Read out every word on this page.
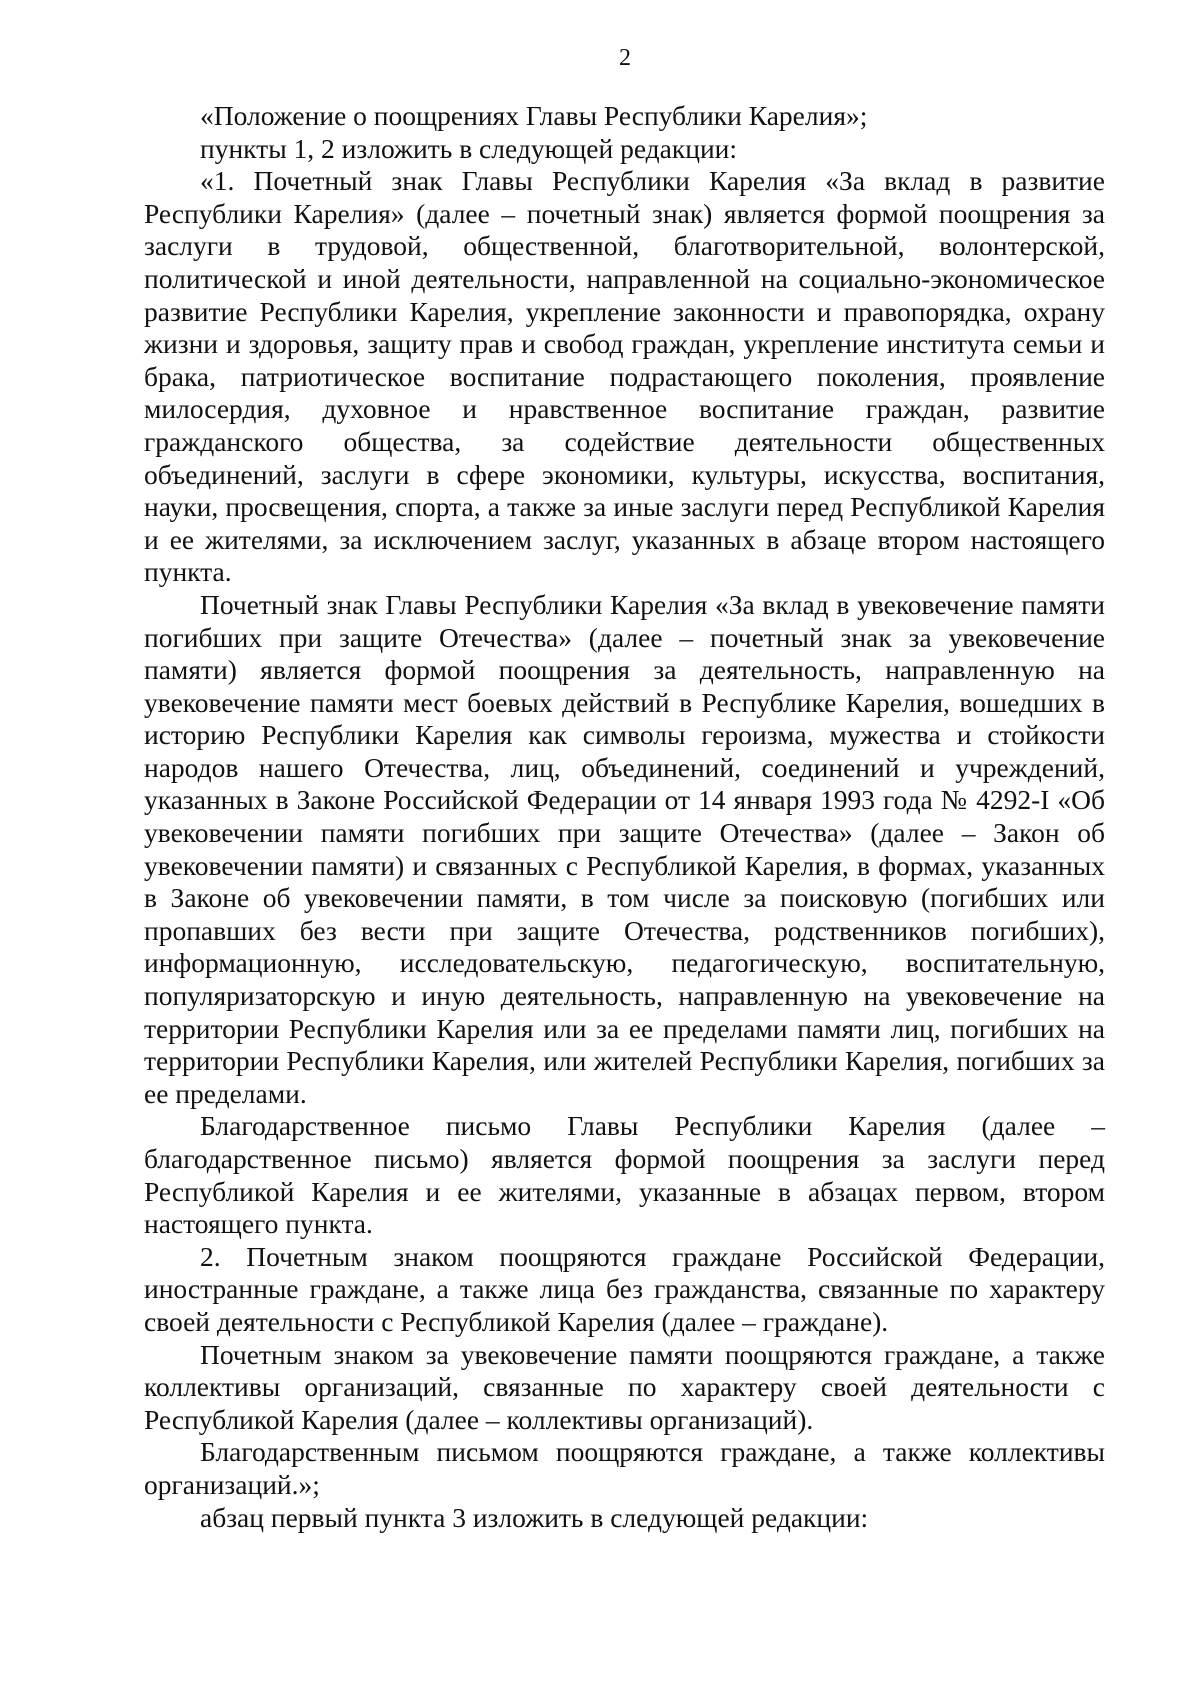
2

«Положение о поощрениях Главы Республики Карелия»;

пункты 1, 2 изложить в следующей редакции:

«1. Почетный знак Главы Республики Карелия «За вклад в развитие Республики Карелия» (далее – почетный знак) является формой поощрения за заслуги в трудовой, общественной, благотворительной, волонтерской, политической и иной деятельности, направленной на социально-экономическое развитие Республики Карелия, укрепление законности и правопорядка, охрану жизни и здоровья, защиту прав и свобод граждан, укрепление института семьи и брака, патриотическое воспитание подрастающего поколения, проявление милосердия, духовное и нравственное воспитание граждан, развитие гражданского общества, за содействие деятельности общественных объединений, заслуги в сфере экономики, культуры, искусства, воспитания, науки, просвещения, спорта, а также за иные заслуги перед Республикой Карелия и ее жителями, за исключением заслуг, указанных в абзаце втором настоящего пункта.

Почетный знак Главы Республики Карелия «За вклад в увековечение памяти погибших при защите Отечества» (далее – почетный знак за увековечение памяти) является формой поощрения за деятельность, направленную на увековечение памяти мест боевых действий в Республике Карелия, вошедших в историю Республики Карелия как символы героизма, мужества и стойкости народов нашего Отечества, лиц, объединений, соединений и учреждений, указанных в Законе Российской Федерации от 14 января 1993 года № 4292-I «Об увековечении памяти погибших при защите Отечества» (далее – Закон об увековечении памяти) и связанных с Республикой Карелия, в формах, указанных в Законе об увековечении памяти, в том числе за поисковую (погибших или пропавших без вести при защите Отечества, родственников погибших), информационную, исследовательскую, педагогическую, воспитательную, популяризаторскую и иную деятельность, направленную на увековечение на территории Республики Карелия или за ее пределами памяти лиц, погибших на территории Республики Карелия, или жителей Республики Карелия, погибших за ее пределами.

Благодарственное письмо Главы Республики Карелия (далее – благодарственное письмо) является формой поощрения за заслуги перед Республикой Карелия и ее жителями, указанные в абзацах первом, втором настоящего пункта.

2. Почетным знаком поощряются граждане Российской Федерации, иностранные граждане, а также лица без гражданства, связанные по характеру своей деятельности с Республикой Карелия (далее – граждане).

Почетным знаком за увековечение памяти поощряются граждане, а также коллективы организаций, связанные по характеру своей деятельности с Республикой Карелия (далее – коллективы организаций).

Благодарственным письмом поощряются граждане, а также коллективы организаций.»;

абзац первый пункта 3 изложить в следующей редакции:
